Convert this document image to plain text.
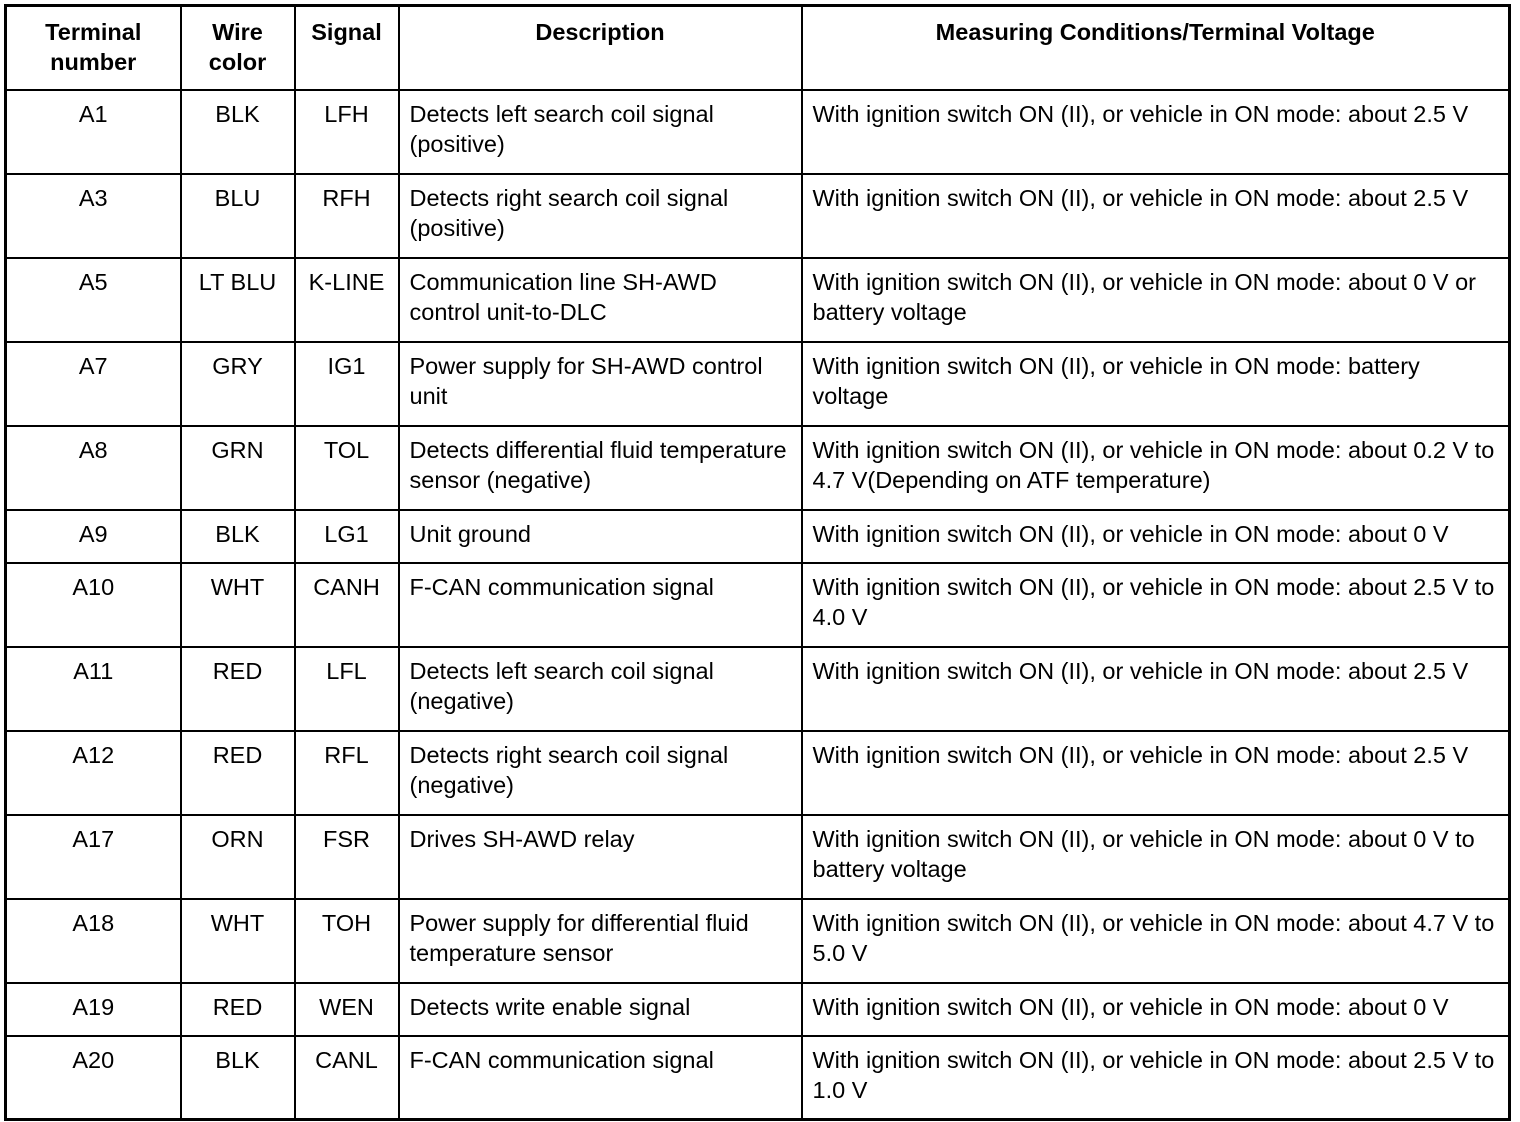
Terminal number	Wire color	Signal	Description	Measuring Conditions/Terminal Voltage
A1	BLK	LFH	Detects left search coil signal (positive)	With ignition switch ON (II), or vehicle in ON mode: about 2.5 V
A3	BLU	RFH	Detects right search coil signal (positive)	With ignition switch ON (II), or vehicle in ON mode: about 2.5 V
A5	LT BLU	K-LINE	Communication line SH-AWD control unit-to-DLC	With ignition switch ON (II), or vehicle in ON mode: about 0 V or battery voltage
A7	GRY	IG1	Power supply for SH-AWD control unit	With ignition switch ON (II), or vehicle in ON mode: battery voltage
A8	GRN	TOL	Detects differential fluid temperature sensor (negative)	With ignition switch ON (II), or vehicle in ON mode: about 0.2 V to 4.7 V(Depending on ATF temperature)
A9	BLK	LG1	Unit ground	With ignition switch ON (II), or vehicle in ON mode: about 0 V
A10	WHT	CANH	F-CAN communication signal	With ignition switch ON (II), or vehicle in ON mode: about 2.5 V to 4.0 V
A11	RED	LFL	Detects left search coil signal (negative)	With ignition switch ON (II), or vehicle in ON mode: about 2.5 V
A12	RED	RFL	Detects right search coil signal (negative)	With ignition switch ON (II), or vehicle in ON mode: about 2.5 V
A17	ORN	FSR	Drives SH-AWD relay	With ignition switch ON (II), or vehicle in ON mode: about 0 V to battery voltage
A18	WHT	TOH	Power supply for differential fluid temperature sensor	With ignition switch ON (II), or vehicle in ON mode: about 4.7 V to 5.0 V
A19	RED	WEN	Detects write enable signal	With ignition switch ON (II), or vehicle in ON mode: about 0 V
A20	BLK	CANL	F-CAN communication signal	With ignition switch ON (II), or vehicle in ON mode: about 2.5 V to 1.0 V
